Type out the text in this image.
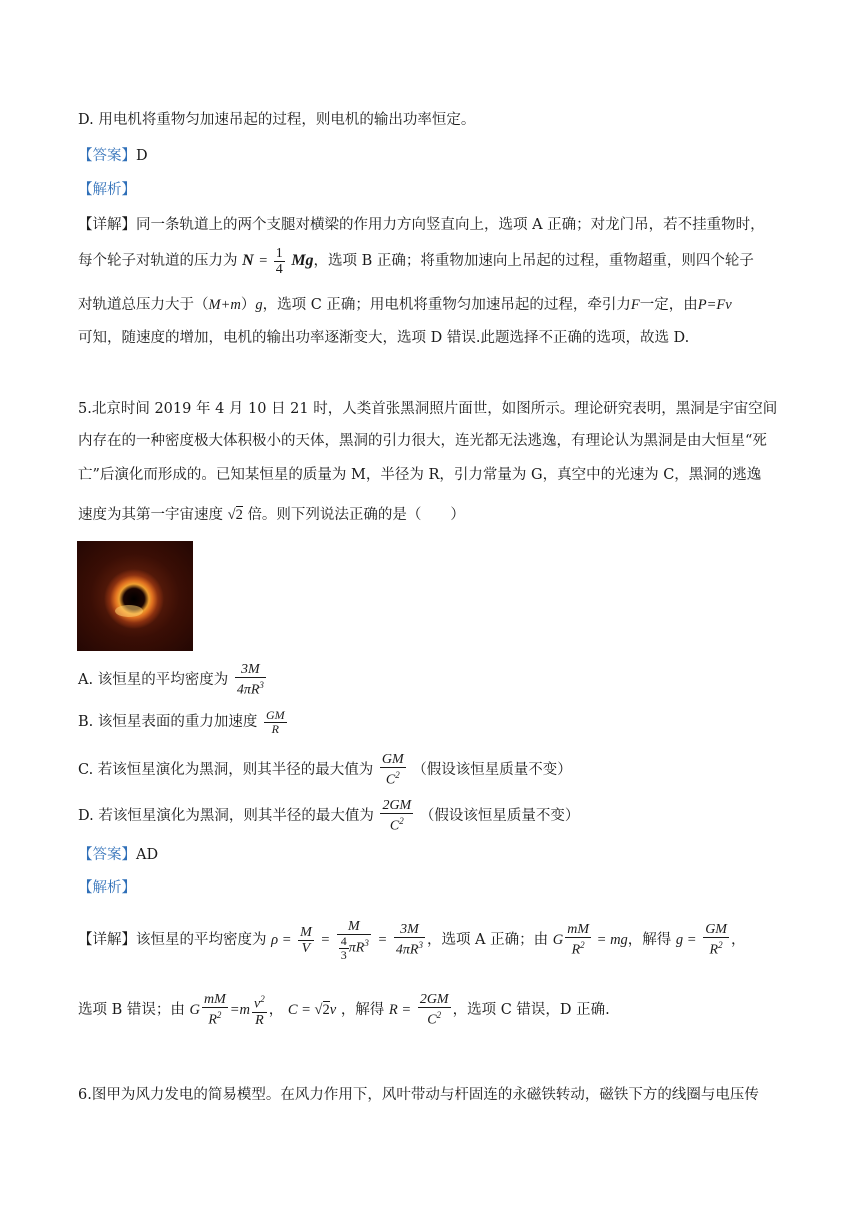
D. 用电机将重物匀加速吊起的过程，则电机的输出功率恒定。
【答案】D
【解析】
【详解】同一条轨道上的两个支腿对横梁的作用力方向竖直向上，选项 A 正确；对龙门吊，若不挂重物时，
每个轮子对轨道的压力为 $N = \frac{1}{4}$ Mg，选项 B 正确；将重物加速向上吊起的过程，重物超重，则四个轮子
对轨道总压力大于（M+m）g，选项 C 正确；用电机将重物匀加速吊起的过程，牵引力F一定，由P=Fv
可知，随速度的增加，电机的输出功率逐渐变大，选项 D 错误.此题选择不正确的选项，故选 D.
5.北京时间 2019 年 4 月 10 日 21 时，人类首张黑洞照片面世，如图所示。理论研究表明，黑洞是宇宙空间
内存在的一种密度极大体积极小的天体，黑洞的引力很大，连光都无法逃逸，有理论认为黑洞是由大恒星“死
亡”后演化而形成的。已知某恒星的质量为 M，半径为 R，引力常量为 G，真空中的光速为 C，黑洞的逃逸
速度为其第一宇宙速度 √2 倍。则下列说法正确的是（　　）
A. 该恒星的平均密度为 $\frac{3M}{4\pi R^3}$
B. 该恒星表面的重力加速度 $\frac{GM}{R}$
C. 若该恒星演化为黑洞，则其半径的最大值为 $\frac{GM}{C^2}$ （假设该恒星质量不变）
D. 若该恒星演化为黑洞，则其半径的最大值为 $\frac{2GM}{C^2}$ （假设该恒星质量不变）
【答案】AD
【解析】
【详解】该恒星的平均密度为 $\rho = \frac{M}{V} = \frac{M}{\frac{4}{3} \pi R^3} = \frac{3M}{4\pi R^3}$ ，选项 A 正确；由 G $\frac{mM}{R^2}$ = mg，解得 $g = \frac{GM}{R^2}$ ，
选项 B 错误；由 G $\frac{mM}{R^2} =m \frac{v^2}{R}$ ， C = √2v ，解得 $R = \frac{2GM}{C^2}$ ，选项 C 错误，D 正确.
6.图甲为风力发电的简易模型。在风力作用下，风叶带动与杆固连的永磁铁转动，磁铁下方的线圈与电压传
